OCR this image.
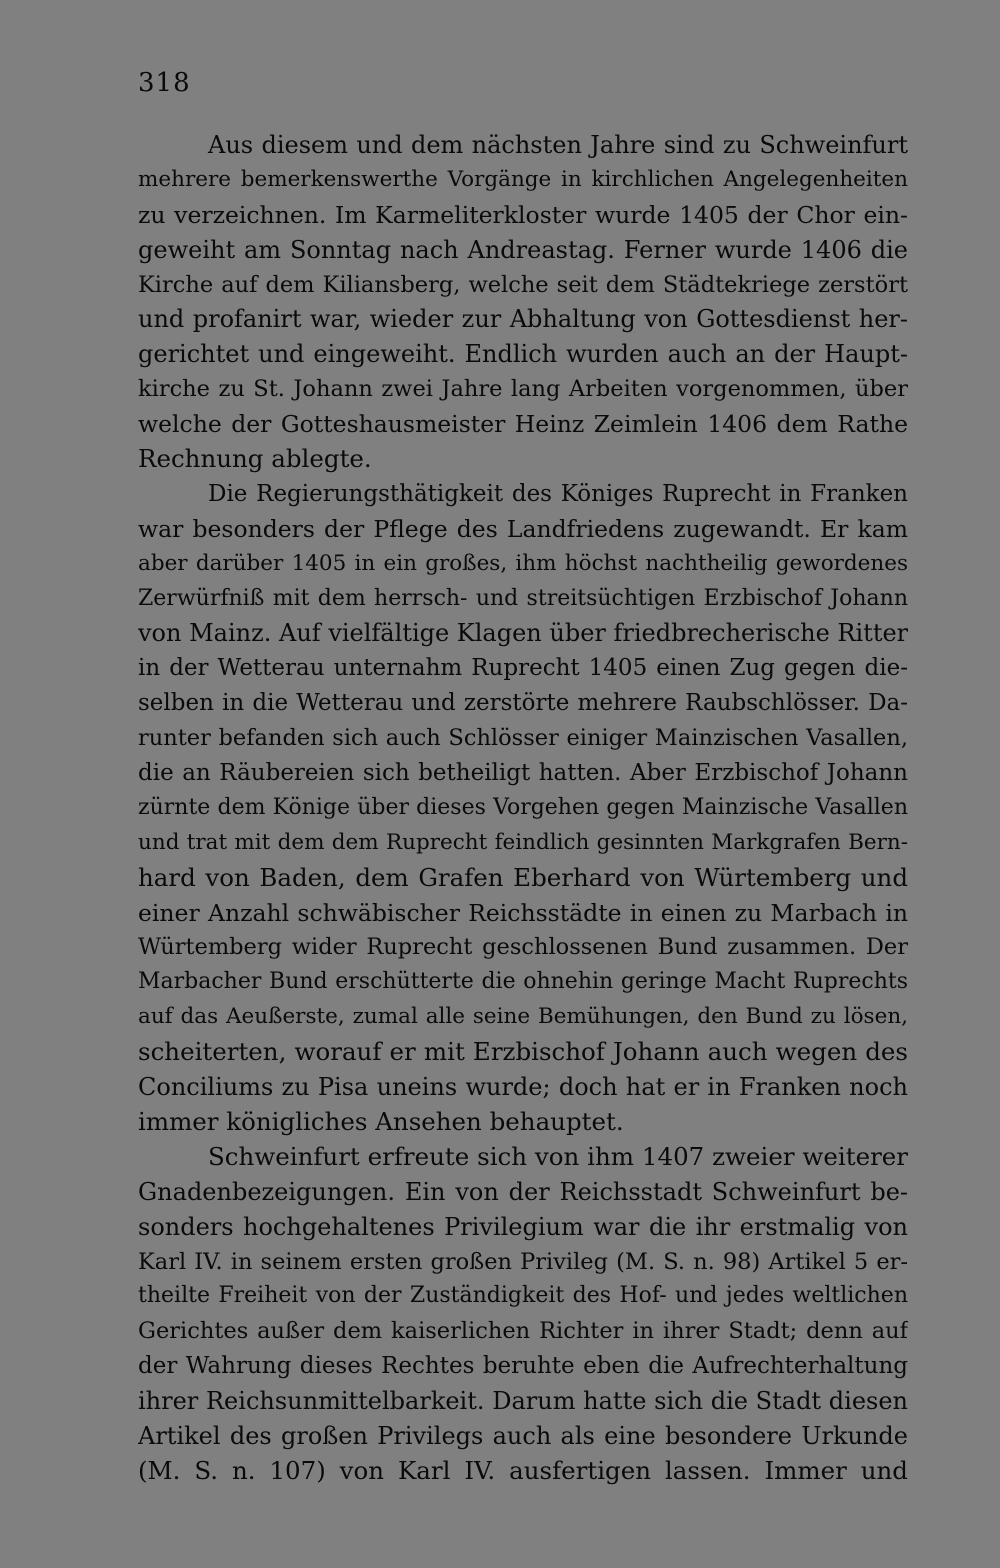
318
Aus diesem und dem nächsten Jahre sind zu Schweinfurt
mehrere bemerkenswerthe Vorgänge in kirchlichen Angelegenheiten
zu verzeichnen. Im Karmeliterkloster wurde 1405 der Chor ein-
geweiht am Sonntag nach Andreastag. Ferner wurde 1406 die
Kirche auf dem Kiliansberg, welche seit dem Städtekriege zerstört
und profanirt war, wieder zur Abhaltung von Gottesdienst her-
gerichtet und eingeweiht. Endlich wurden auch an der Haupt-
kirche zu St. Johann zwei Jahre lang Arbeiten vorgenommen, über
welche der Gotteshausmeister Heinz Zeimlein 1406 dem Rathe
Rechnung ablegte.
Die Regierungsthätigkeit des Königes Ruprecht in Franken
war besonders der Pflege des Landfriedens zugewandt. Er kam
aber darüber 1405 in ein großes, ihm höchst nachtheilig gewordenes
Zerwürfniß mit dem herrsch- und streitsüchtigen Erzbischof Johann
von Mainz. Auf vielfältige Klagen über friedbrecherische Ritter
in der Wetterau unternahm Ruprecht 1405 einen Zug gegen die-
selben in die Wetterau und zerstörte mehrere Raubschlösser. Da-
runter befanden sich auch Schlösser einiger Mainzischen Vasallen,
die an Räubereien sich betheiligt hatten. Aber Erzbischof Johann
zürnte dem Könige über dieses Vorgehen gegen Mainzische Vasallen
und trat mit dem dem Ruprecht feindlich gesinnten Markgrafen Bern-
hard von Baden, dem Grafen Eberhard von Würtemberg und
einer Anzahl schwäbischer Reichsstädte in einen zu Marbach in
Würtemberg wider Ruprecht geschlossenen Bund zusammen. Der
Marbacher Bund erschütterte die ohnehin geringe Macht Ruprechts
auf das Aeußerste, zumal alle seine Bemühungen, den Bund zu lösen,
scheiterten, worauf er mit Erzbischof Johann auch wegen des
Conciliums zu Pisa uneins wurde; doch hat er in Franken noch
immer königliches Ansehen behauptet.
Schweinfurt erfreute sich von ihm 1407 zweier weiterer
Gnadenbezeigungen. Ein von der Reichsstadt Schweinfurt be-
sonders hochgehaltenes Privilegium war die ihr erstmalig von
Karl IV. in seinem ersten großen Privileg (M. S. n. 98) Artikel 5 er-
theilte Freiheit von der Zuständigkeit des Hof- und jedes weltlichen
Gerichtes außer dem kaiserlichen Richter in ihrer Stadt; denn auf
der Wahrung dieses Rechtes beruhte eben die Aufrechterhaltung
ihrer Reichsunmittelbarkeit. Darum hatte sich die Stadt diesen
Artikel des großen Privilegs auch als eine besondere Urkunde
(M. S. n. 107) von Karl IV. ausfertigen lassen. Immer und
